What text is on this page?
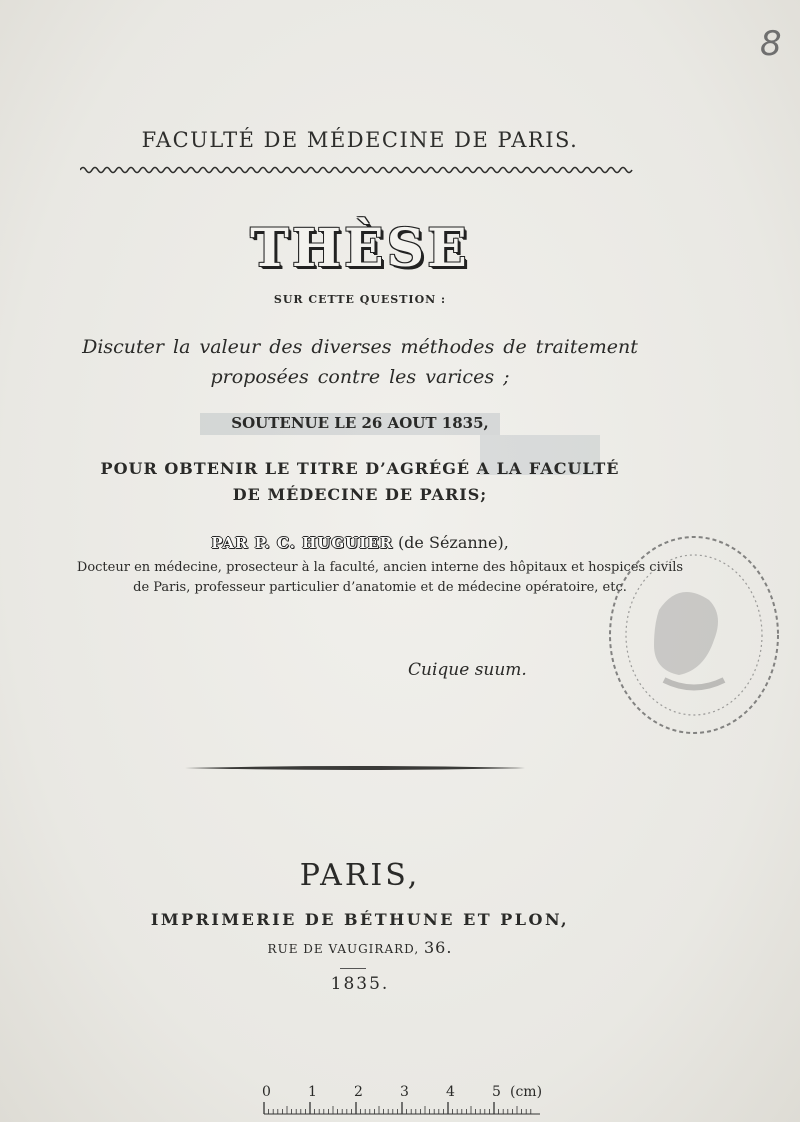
8
FACULTÉ DE MÉDECINE DE PARIS.
THÈSE
SUR CETTE QUESTION :
Discuter la valeur des diverses méthodes de traitement
proposées contre les varices ;
SOUTENUE LE 26 AOUT 1835,
POUR OBTENIR LE TITRE D’AGRÉGÉ A LA FACULTÉ
DE MÉDECINE DE PARIS;
PAR P. C. HUGUIER (de Sézanne),
Docteur en médecine, prosecteur à la faculté, ancien interne des hôpitaux et hospices civils
de Paris, professeur particulier d’anatomie et de médecine opératoire, etc.
Cuique suum.
PARIS,
IMPRIMERIE DE BÉTHUNE ET PLON,
RUE DE VAUGIRARD, 36.
1835.
0	1	2	3	4	5 (cm)
